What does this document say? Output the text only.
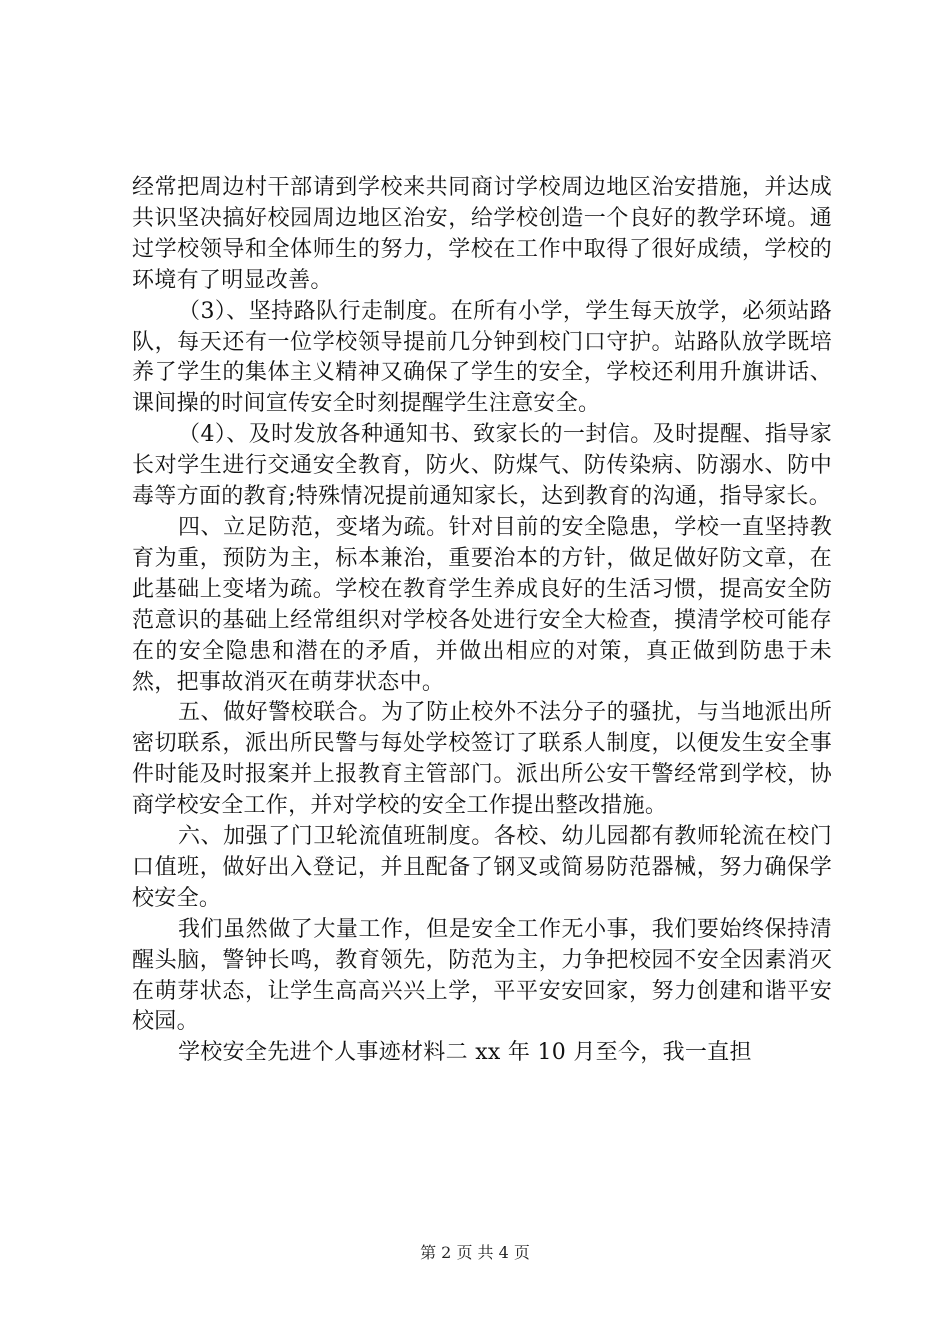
经常把周边村干部请到学校来共同商讨学校周边地区治安措施，并达成共识坚决搞好校园周边地区治安，给学校创造一个良好的教学环境。通过学校领导和全体师生的努力，学校在工作中取得了很好成绩，学校的环境有了明显改善。

（3）、坚持路队行走制度。在所有小学，学生每天放学，必须站路队，每天还有一位学校领导提前几分钟到校门口守护。站路队放学既培养了学生的集体主义精神又确保了学生的安全，学校还利用升旗讲话、课间操的时间宣传安全时刻提醒学生注意安全。

（4）、及时发放各种通知书、致家长的一封信。及时提醒、指导家长对学生进行交通安全教育，防火、防煤气、防传染病、防溺水、防中毒等方面的教育;特殊情况提前通知家长，达到教育的沟通，指导家长。

四、立足防范，变堵为疏。针对目前的安全隐患，学校一直坚持教育为重，预防为主，标本兼治，重要治本的方针，做足做好防文章，在此基础上变堵为疏。学校在教育学生养成良好的生活习惯，提高安全防范意识的基础上经常组织对学校各处进行安全大检查，摸清学校可能存在的安全隐患和潜在的矛盾，并做出相应的对策，真正做到防患于未然，把事故消灭在萌芽状态中。

五、做好警校联合。为了防止校外不法分子的骚扰，与当地派出所密切联系，派出所民警与每处学校签订了联系人制度，以便发生安全事件时能及时报案并上报教育主管部门。派出所公安干警经常到学校，协商学校安全工作，并对学校的安全工作提出整改措施。

六、加强了门卫轮流值班制度。各校、幼儿园都有教师轮流在校门口值班，做好出入登记，并且配备了钢叉或简易防范器械，努力确保学校安全。

我们虽然做了大量工作，但是安全工作无小事，我们要始终保持清醒头脑，警钟长鸣，教育领先，防范为主，力争把校园不安全因素消灭在萌芽状态，让学生高高兴兴上学，平平安安回家，努力创建和谐平安校园。

学校安全先进个人事迹材料二 xx 年 10 月至今，我一直担

第 2 页 共 4 页
